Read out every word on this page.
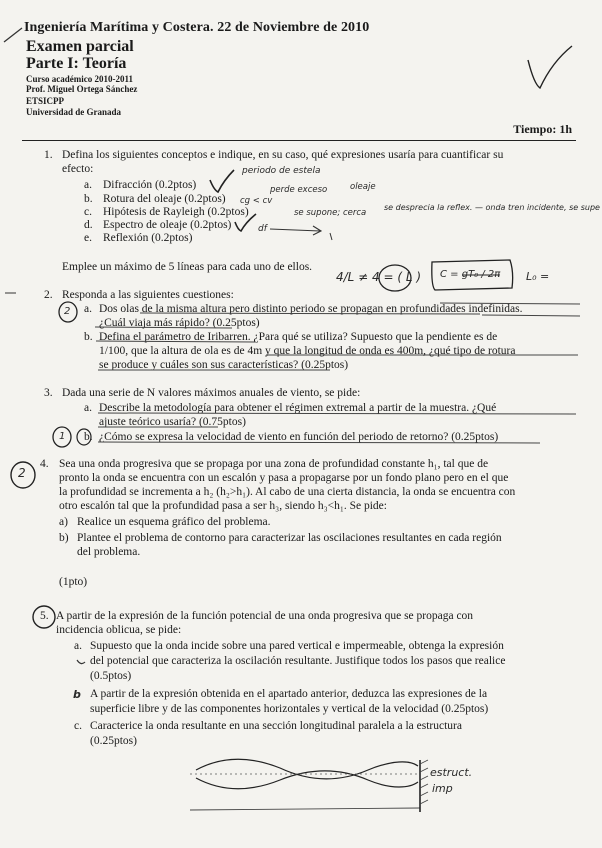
Ingeniería Marítima y Costera. 22 de Noviembre de 2010
Examen parcial
Parte I: Teoría
Curso académico 2010-2011
Prof. Miguel Ortega Sánchez
ETSICPP
Universidad de Granada
Tiempo: 1h
1. Defina los siguientes conceptos e indique, en su caso, qué expresiones usaría para cuantificar su
efecto:
a. Difracción (0.2ptos)
b. Rotura del oleaje (0.2ptos)
c. Hipótesis de Rayleigh (0.2ptos)
d. Espectro de oleaje (0.2ptos)
e. Reflexión (0.2ptos)
Emplee un máximo de 5 líneas para cada uno de ellos.
2. Responda a las siguientes cuestiones:
a. Dos olas de la misma altura pero distinto periodo se propagan en profundidades indefinidas.
¿Cuál viaja más rápido? (0.25ptos)
b. Defina el parámetro de Iribarren. ¿Para qué se utiliza? Supuesto que la pendiente es de
1/100, que la altura de ola es de 4m y que la longitud de onda es 400m, ¿qué tipo de rotura
se produce y cuáles son sus características? (0.25ptos)
3. Dada una serie de N valores máximos anuales de viento, se pide:
a. Describe la metodología para obtener el régimen extremal a partir de la muestra. ¿Qué
ajuste teórico usaría? (0.75ptos)
b. ¿Cómo se expresa la velocidad de viento en función del periodo de retorno? (0.25ptos)
4. Sea una onda progresiva que se propaga por una zona de profundidad constante h₁, tal que de
pronto la onda se encuentra con un escalón y pasa a propagarse por un fondo plano pero en el que
la profundidad se incrementa a h₂ (h₂>h₁). Al cabo de una cierta distancia, la onda se encuentra con
otro escalón tal que la profundidad pasa a ser h₃, siendo h₃<h₁. Se pide:
a) Realice un esquema gráfico del problema.
b) Plantee el problema de contorno para caracterizar las oscilaciones resultantes en cada región
del problema.
(1pto)
5. A partir de la expresión de la función potencial de una onda progresiva que se propaga con
incidencia oblicua, se pide:
a. Supuesto que la onda incide sobre una pared vertical e impermeable, obtenga la expresión
del potencial que caracteriza la oscilación resultante. Justifique todos los pasos que realice
(0.5ptos)
A partir de la expresión obtenida en el apartado anterior, deduzca las expresiones de la
superficie libre y de las componentes horizontales y vertical de la velocidad (0.25ptos)
c. Caracterice la onda resultante en una sección longitudinal paralela a la estructura
(0.25ptos)
periodo de estela
perde exceso	oleaje
cg < cv
se supone; cerca
se desprecia la reflex. — onda tren incidente, se supe
df
4/L ≠ 4 = ( L ) C = gT₀ / 2π L₀ =
2
1
2
b
estruct.
imp
